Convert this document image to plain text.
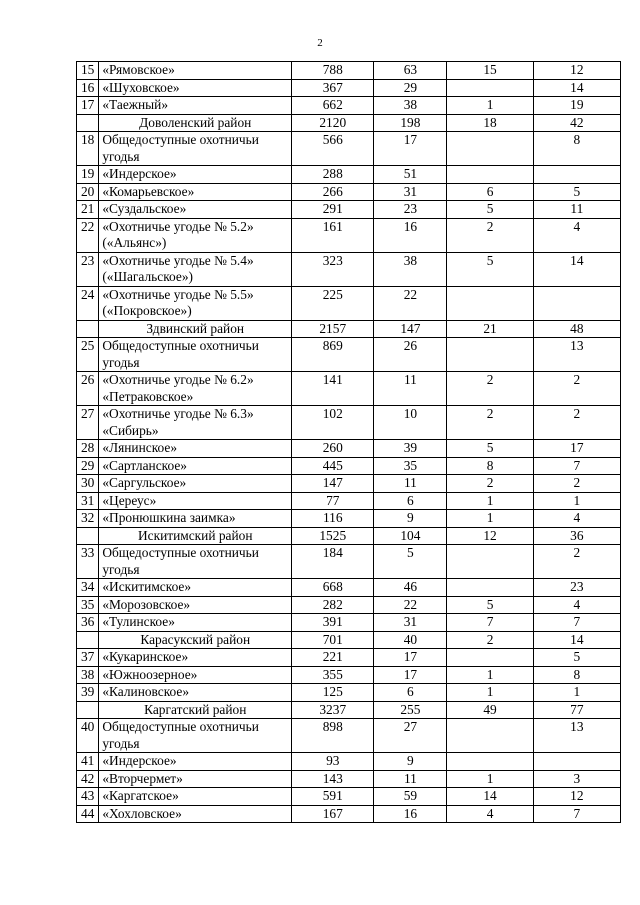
2
15	«Рямовское»	788	63	15	12
16	«Шуховское»	367	29		14
17	«Таежный»	662	38	1	19
	Доволенский район	2120	198	18	42
18	Общедоступные охотничьи угодья	566	17		8
19	«Индерское»	288	51		
20	«Комарьевское»	266	31	6	5
21	«Суздальское»	291	23	5	11
22	«Охотничье угодье № 5.2» («Альянс»)	161	16	2	4
23	«Охотничье угодье № 5.4» («Шагальское»)	323	38	5	14
24	«Охотничье угодье № 5.5» («Покровское»)	225	22		
	Здвинский район	2157	147	21	48
25	Общедоступные охотничьи угодья	869	26		13
26	«Охотничье угодье № 6.2» «Петраковское»	141	11	2	2
27	«Охотничье угодье № 6.3» «Сибирь»	102	10	2	2
28	«Лянинское»	260	39	5	17
29	«Сартланское»	445	35	8	7
30	«Саргульское»	147	11	2	2
31	«Цереус»	77	6	1	1
32	«Пронюшкина заимка»	116	9	1	4
	Искитимский район	1525	104	12	36
33	Общедоступные охотничьи угодья	184	5		2
34	«Искитимское»	668	46		23
35	«Морозовское»	282	22	5	4
36	«Тулинское»	391	31	7	7
	Карасукский район	701	40	2	14
37	«Кукаринское»	221	17		5
38	«Южноозерное»	355	17	1	8
39	«Калиновское»	125	6	1	1
	Каргатский район	3237	255	49	77
40	Общедоступные охотничьи угодья	898	27		13
41	«Индерское»	93	9		
42	«Вторчермет»	143	11	1	3
43	«Каргатское»	591	59	14	12
44	«Хохловское»	167	16	4	7
